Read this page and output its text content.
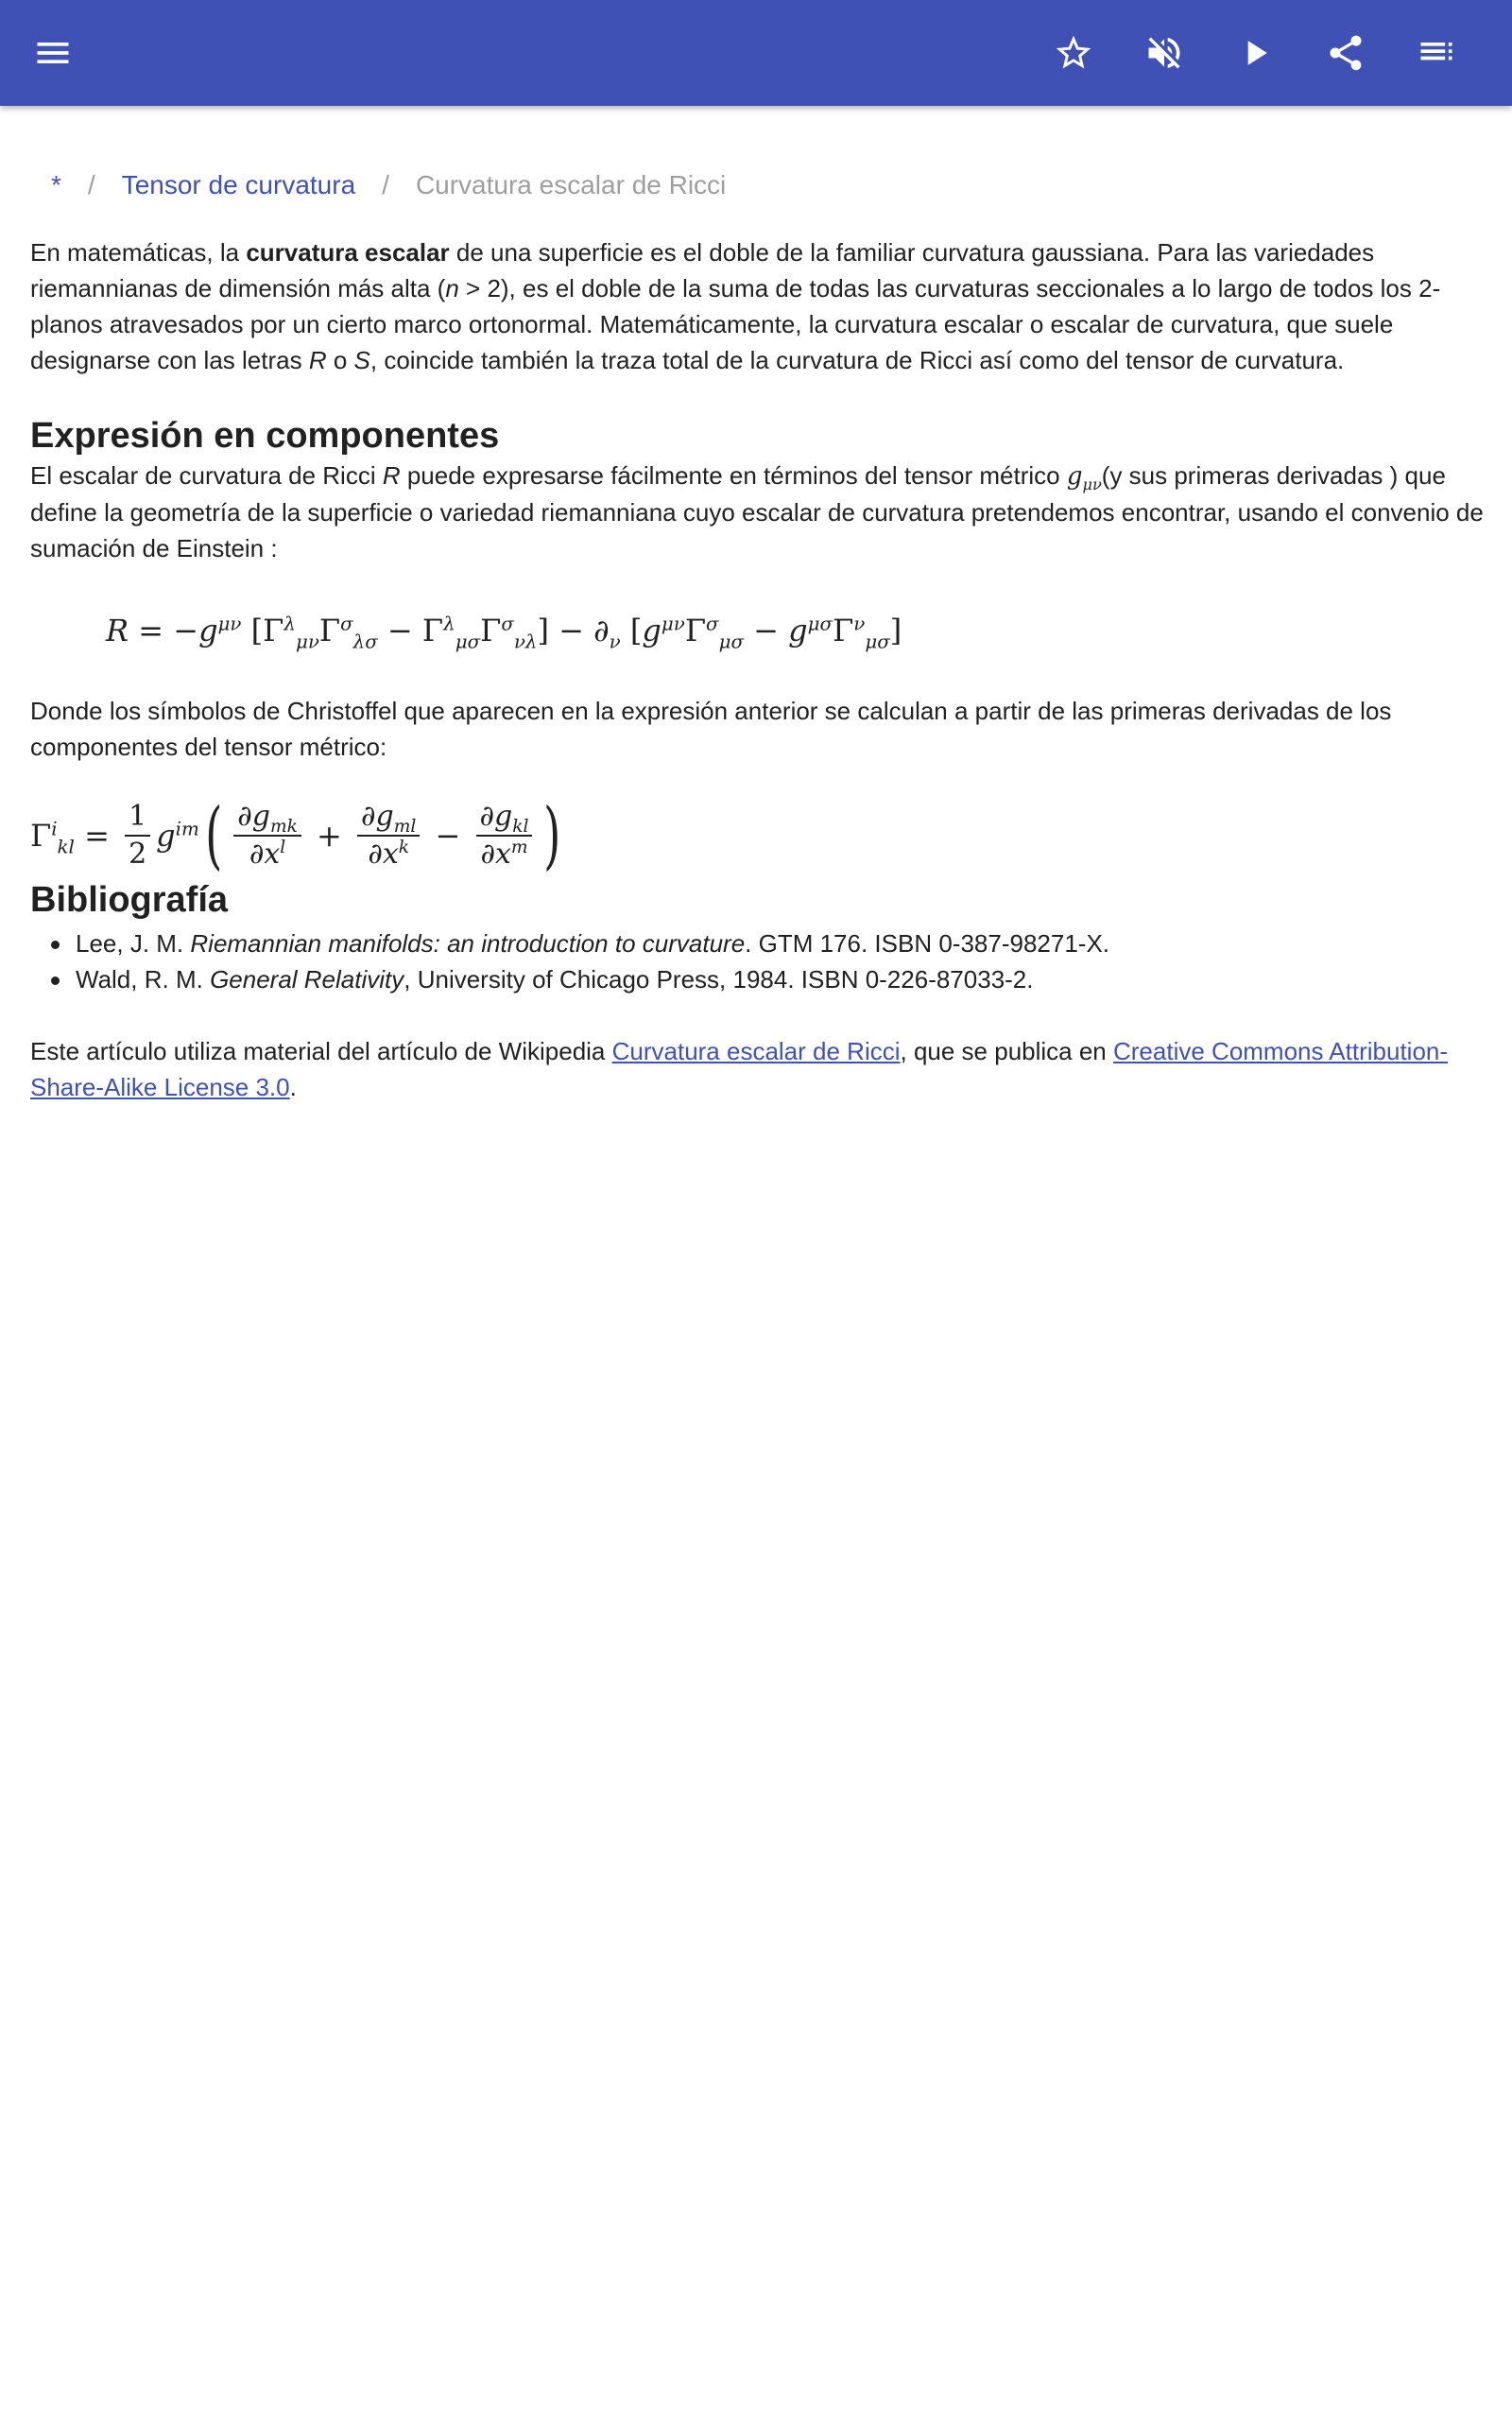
* / Tensor de curvatura / Curvatura escalar de Ricci

En matemáticas, la curvatura escalar de una superficie es el doble de la familiar curvatura gaussiana. Para las variedades riemannianas de dimensión más alta (n > 2), es el doble de la suma de todas las curvaturas seccionales a lo largo de todos los 2-planos atravesados por un cierto marco ortonormal. Matemáticamente, la curvatura escalar o escalar de curvatura, que suele designarse con las letras R o S, coincide también la traza total de la curvatura de Ricci así como del tensor de curvatura.

Expresión en componentes

El escalar de curvatura de Ricci R puede expresarse fácilmente en términos del tensor métrico $g_{\mu\nu}(y$ sus primeras derivadas ) que define la geometría de la superficie o variedad riemanniana cuyo escalar de curvatura pretendemos encontrar, usando el convenio de sumación de Einstein :

$R = -g^{\mu\nu}$ $[\Gamma^\lambda_{\mu\nu}\Gamma^\sigma_{\lambda\sigma} - \Gamma^\lambda_{\mu\sigma}\Gamma^\sigma_{\nu\lambda}] - \partial_\nu$ $[g^{\mu\nu}\Gamma^\sigma_{\mu\sigma} - g^{\mu\sigma}\Gamma^\nu_{\mu\sigma}]$

Donde los símbolos de Christoffel que aparecen en la expresión anterior se calculan a partir de las primeras derivadas de los componentes del tensor métrico:

$\Gamma^i_{kl} = \frac{1}{2} g^{im}$ ( $\frac{\partial g_{mk}}{\partial x^l} + \frac{\partial g_{ml}}{\partial x^k} - \frac{\partial g_{kl}}{\partial x^m}$ )
Bibliografía
Lee, J. M. Riemannian manifolds: an introduction to curvature. GTM 176. ISBN 0-387-98271-X.
Wald, R. M. General Relativity, University of Chicago Press, 1984. ISBN 0-226-87033-2.

Este artículo utiliza material del artículo de Wikipedia Curvatura escalar de Ricci, que se publica en Creative Commons Attribution-Share-Alike License 3.0.
